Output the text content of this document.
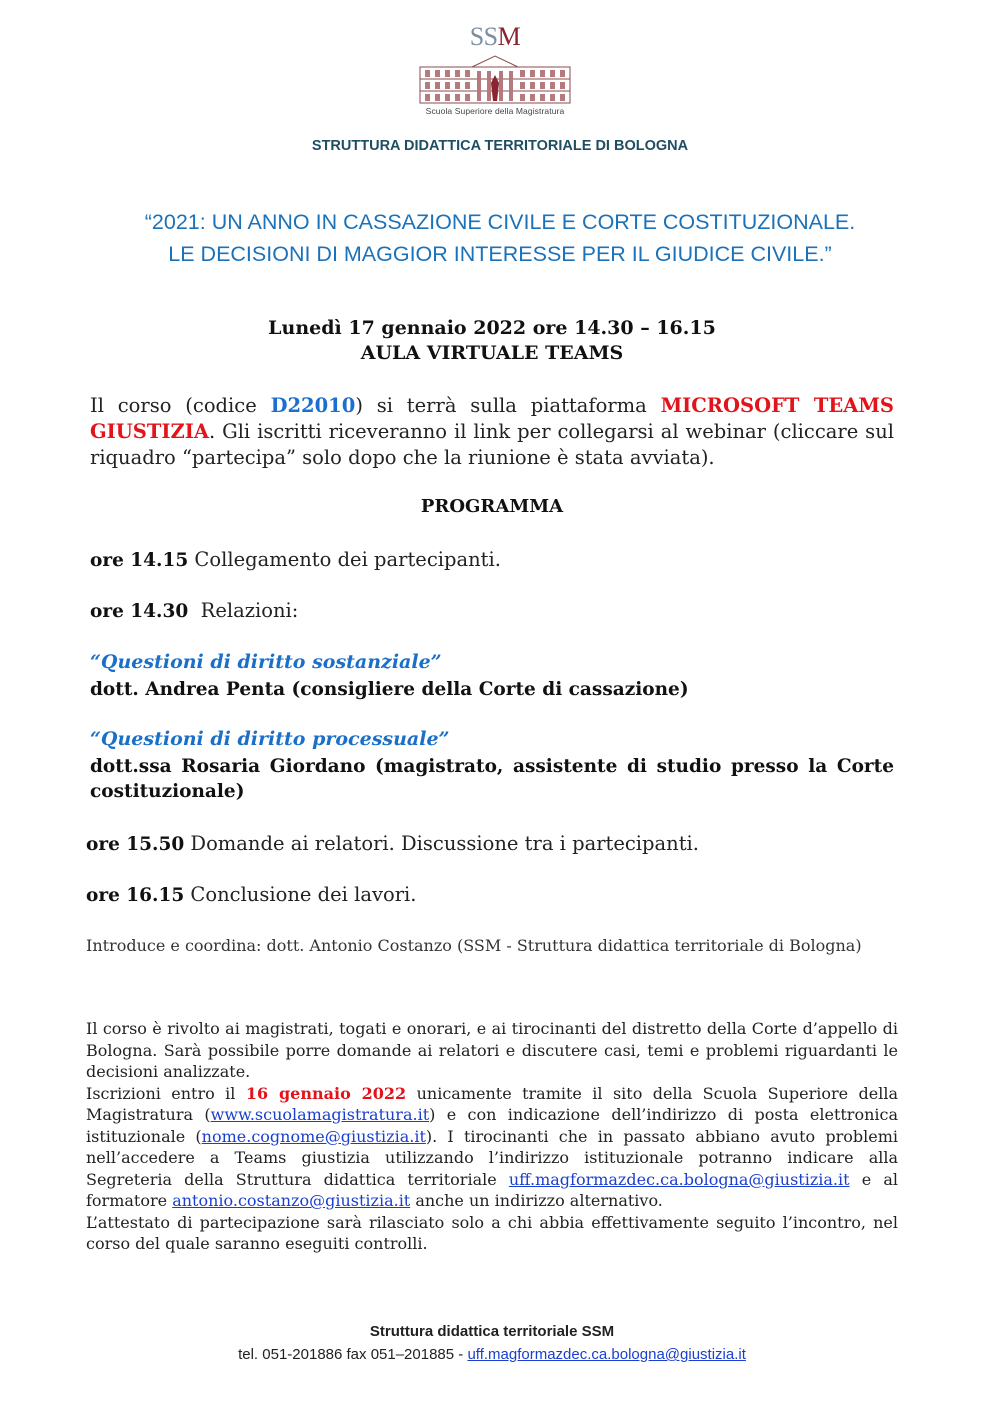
SSM
Scuola Superiore della Magistratura
STRUTTURA DIDATTICA TERRITORIALE DI BOLOGNA
“2021: UN ANNO IN CASSAZIONE CIVILE E CORTE COSTITUZIONALE.
LE DECISIONI DI MAGGIOR INTERESSE PER IL GIUDICE CIVILE.”
Lunedì 17 gennaio 2022 ore 14.30 – 16.15
AULA VIRTUALE TEAMS
Il corso (codice D22010) si terrà sulla piattaforma MICROSOFT TEAMS GIUSTIZIA. Gli iscritti riceveranno il link per collegarsi al webinar (cliccare sul riquadro “partecipa” solo dopo che la riunione è stata avviata).
PROGRAMMA
ore 14.15 Collegamento dei partecipanti.
ore 14.30  Relazioni:
“Questioni di diritto sostanziale”
dott. Andrea Penta (consigliere della Corte di cassazione)
“Questioni di diritto processuale”
dott.ssa Rosaria Giordano (magistrato, assistente di studio presso la Corte costituzionale)
ore 15.50 Domande ai relatori. Discussione tra i partecipanti.
ore 16.15 Conclusione dei lavori.
Introduce e coordina: dott. Antonio Costanzo (SSM - Struttura didattica territoriale di Bologna)

Il corso è rivolto ai magistrati, togati e onorari, e ai tirocinanti del distretto della Corte d’appello di Bologna. Sarà possibile porre domande ai relatori e discutere casi, temi e problemi riguardanti le decisioni analizzate.

Iscrizioni entro il 16 gennaio 2022 unicamente tramite il sito della Scuola Superiore della Magistratura (www.scuolamagistratura.it) e con indicazione dell’indirizzo di posta elettronica istituzionale (nome.cognome@giustizia.it). I tirocinanti che in passato abbiano avuto problemi nell’accedere a Teams giustizia utilizzando l’indirizzo istituzionale potranno indicare alla Segreteria della Struttura didattica territoriale uff.magformazdec.ca.bologna@giustizia.it e al formatore antonio.costanzo@giustizia.it anche un indirizzo alternativo.

L’attestato di partecipazione sarà rilasciato solo a chi abbia effettivamente seguito l’incontro, nel corso del quale saranno eseguiti controlli.

Struttura didattica territoriale SSM
tel. 051-201886 fax 051–201885 - uff.magformazdec.ca.bologna@giustizia.it
